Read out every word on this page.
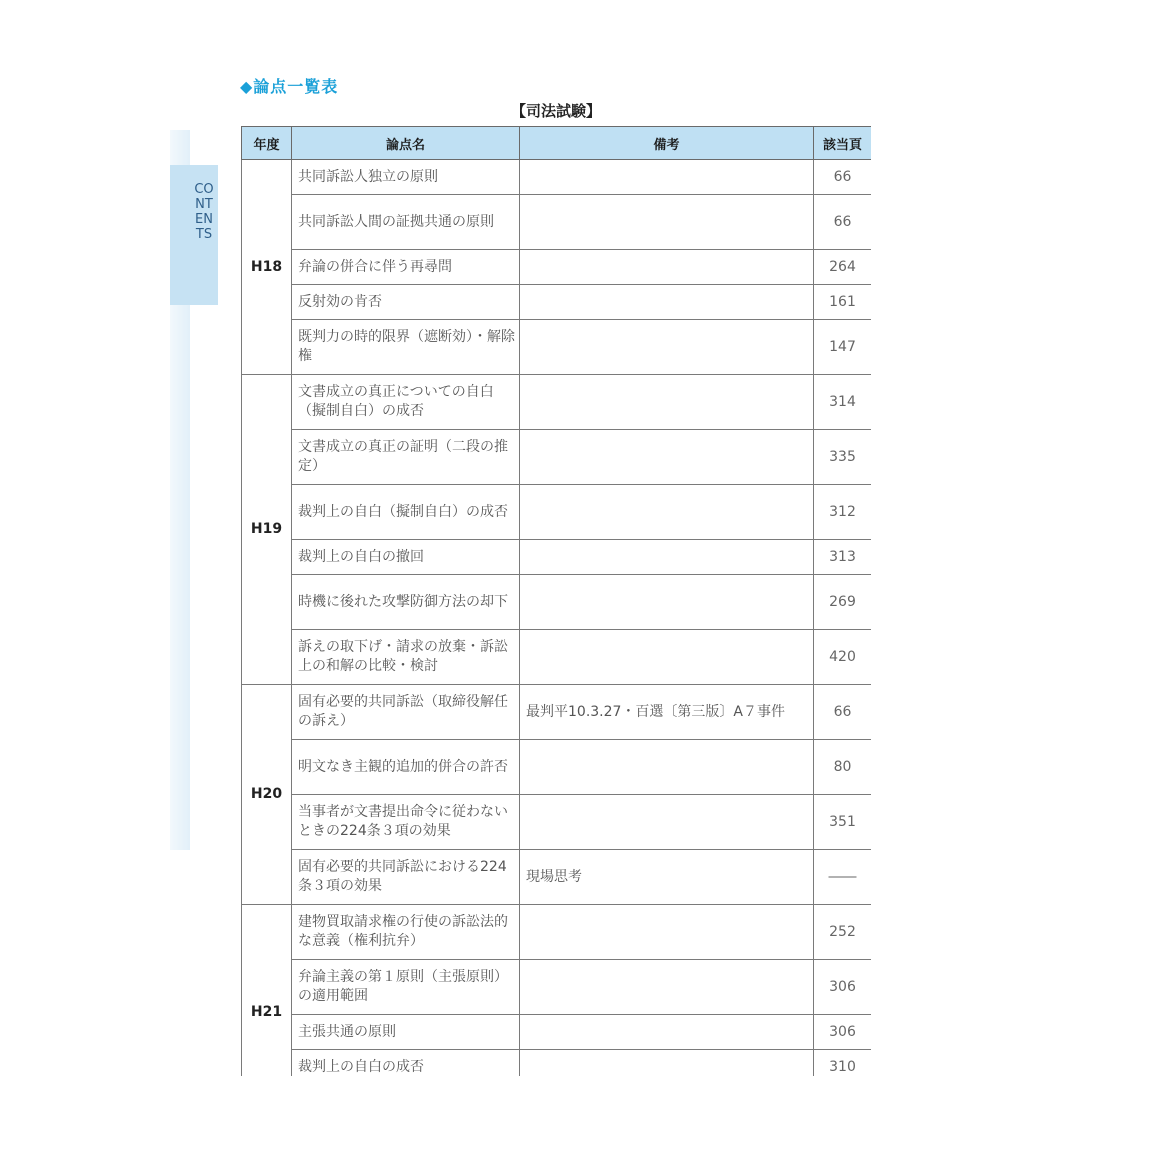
CONTENTS
◆論点一覧表
【司法試験】
年度	論点名	備考	該当頁
H18	共同訴訟人独立の原則		66
	共同訴訟人間の証拠共通の原則		66
	弁論の併合に伴う再尋問		264
	反射効の肯否		161
	既判力の時的限界（遮断効）・解除権		147
H19	文書成立の真正についての自白（擬制自白）の成否		314
	文書成立の真正の証明（二段の推定）		335
	裁判上の自白（擬制自白）の成否		312
	裁判上の自白の撤回		313
	時機に後れた攻撃防御方法の却下		269
	訴えの取下げ・請求の放棄・訴訟上の和解の比較・検討		420
H20	固有必要的共同訴訟（取締役解任の訴え）	最判平10.3.27・百選〔第三版〕A７事件	66
	明文なき主観的追加的併合の許否		80
	当事者が文書提出命令に従わないときの224条３項の効果		351
	固有必要的共同訴訟における224条３項の効果	現場思考	――
H21	建物買取請求権の行使の訴訟法的な意義（権利抗弁）		252
	弁論主義の第１原則（主張原則）の適用範囲		306
	主張共通の原則		306
	裁判上の自白の成否		310
